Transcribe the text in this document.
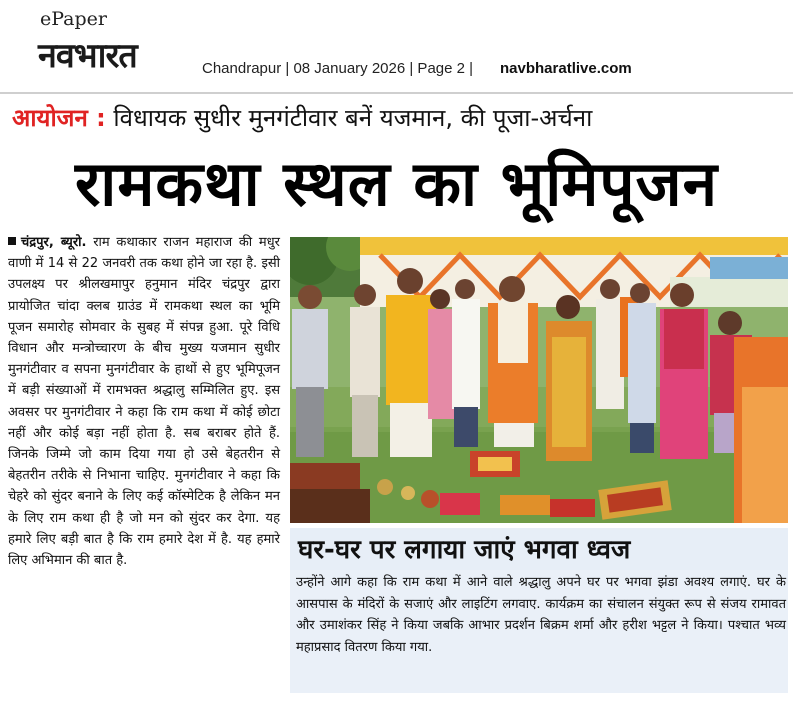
ePaper
नवभारत	Chandrapur | 08 January 2026 | Page 2 | navbharatlive.com
आयोजन : विधायक सुधीर मुनगंटीवार बनें यजमान, की पूजा-अर्चना
रामकथा स्थल का भूमिपूजन
चंद्रपुर, ब्यूरो. राम कथाकार राजन महाराज की मधुर वाणी में 14 से 22 जनवरी तक कथा होने जा रहा है. इसी उपलक्ष्य पर श्रीलखमापुर हनुमान मंदिर चंद्रपुर द्वारा प्रायोजित चांदा क्लब ग्राउंड में रामकथा स्थल का भूमि पूजन समारोह सोमवार के सुबह में संपन्न हुआ. पूरे विधि विधान और मन्त्रोच्चारण के बीच मुख्य यजमान सुधीर मुनगंटीवार व सपना मुनगंटीवार के हाथों से हुए भूमिपूजन में बड़ी संख्याओं में रामभक्त श्रद्धालु सम्मिलित हुए. इस अवसर पर मुनगंटीवार ने कहा कि राम कथा में कोई छोटा नहीं और कोई बड़ा नहीं होता है. सब बराबर होते हैं. जिनके जिम्मे जो काम दिया गया हो उसे बेहतरीन से बेहतरीन तरीके से निभाना चाहिए. मुनगंटीवार ने कहा कि चेहरे को सुंदर बनाने के लिए कई कॉस्मेटिक है लेकिन मन के लिए राम कथा ही है जो मन को सुंदर कर देगा. यह हमारे लिए बड़ी बात है कि राम हमारे देश में है. यह हमारे लिए अभिमान की बात है.	घर-घर पर लगाया जाएं भगवा ध्वज
उन्होंने आगे कहा कि राम कथा में आने वाले श्रद्धालु अपने घर पर भगवा झंडा अवश्य लगाएं. घर के आसपास के मंदिरों के सजाएं और लाइटिंग लगवाए. कार्यक्रम का संचालन संयुक्त रूप से संजय रामावत और उमाशंकर सिंह ने किया जबकि आभार प्रदर्शन बिक्रम शर्मा और हरीश भट्टल ने किया। पश्चात भव्य महाप्रसाद वितरण किया गया.
